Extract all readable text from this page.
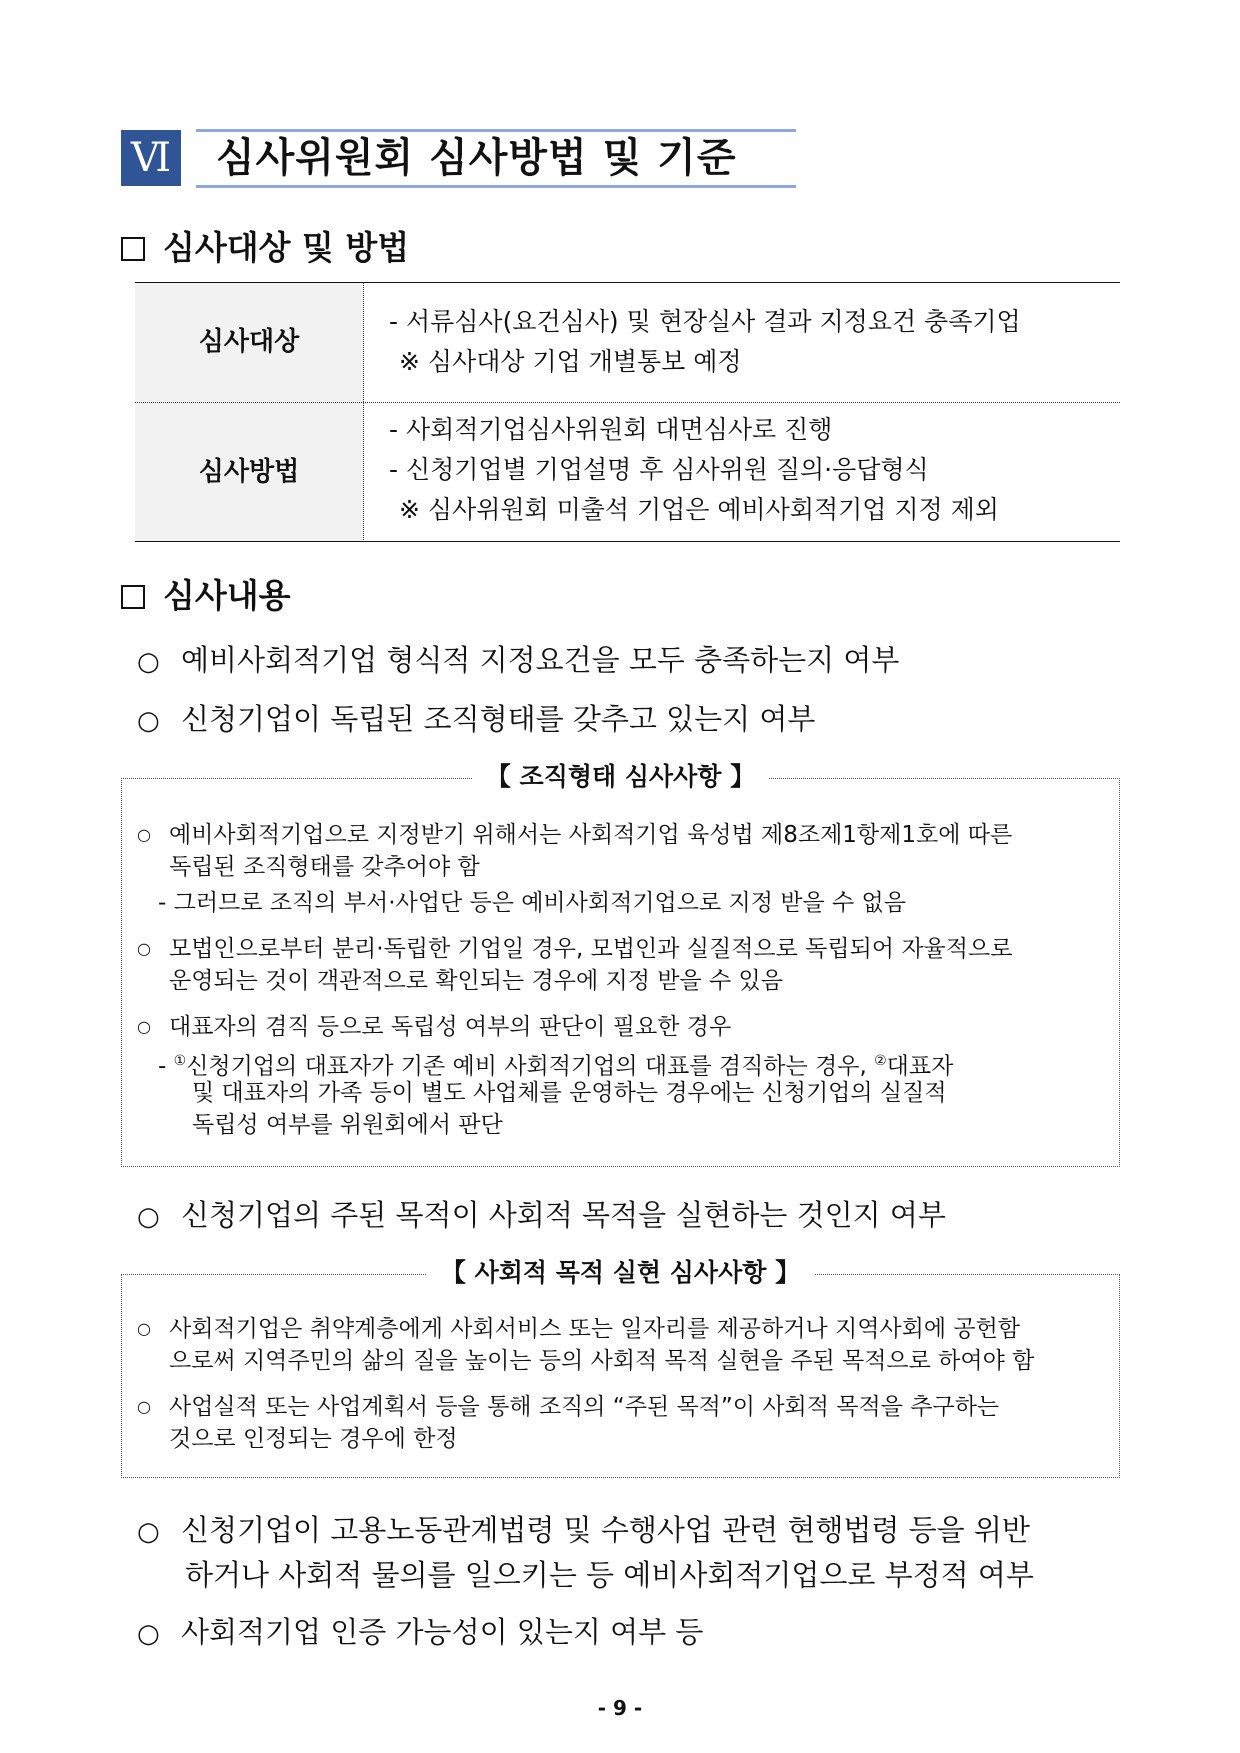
Ⅵ 심사위원회 심사방법 및 기준
심사대상 및 방법
심사대상
심사방법
- 서류심사(요건심사) 및 현장실사 결과 지정요건 충족기업
※ 심사대상 기업 개별통보 예정
- 사회적기업심사위원회 대면심사로 진행
- 신청기업별 기업설명 후 심사위원 질의·응답형식
※ 심사위원회 미출석 기업은 예비사회적기업 지정 제외
심사내용
○ 예비사회적기업 형식적 지정요건을 모두 충족하는지 여부
○ 신청기업이 독립된 조직형태를 갖추고 있는지 여부
【 조직형태 심사사항 】
○ 예비사회적기업으로 지정받기 위해서는 사회적기업 육성법 제8조제1항제1호에 따른
독립된 조직형태를 갖추어야 함
- 그러므로 조직의 부서·사업단 등은 예비사회적기업으로 지정 받을 수 없음
○ 모법인으로부터 분리·독립한 기업일 경우, 모법인과 실질적으로 독립되어 자율적으로
운영되는 것이 객관적으로 확인되는 경우에 지정 받을 수 있음
○ 대표자의 겸직 등으로 독립성 여부의 판단이 필요한 경우
- ①신청기업의 대표자가 기존 예비 사회적기업의 대표를 겸직하는 경우, ②대표자
및 대표자의 가족 등이 별도 사업체를 운영하는 경우에는 신청기업의 실질적
독립성 여부를 위원회에서 판단
○ 신청기업의 주된 목적이 사회적 목적을 실현하는 것인지 여부
【 사회적 목적 실현 심사사항 】
○ 사회적기업은 취약계층에게 사회서비스 또는 일자리를 제공하거나 지역사회에 공헌함
으로써 지역주민의 삶의 질을 높이는 등의 사회적 목적 실현을 주된 목적으로 하여야 함
○ 사업실적 또는 사업계획서 등을 통해 조직의 “주된 목적”이 사회적 목적을 추구하는
것으로 인정되는 경우에 한정
○ 신청기업이 고용노동관계법령 및 수행사업 관련 현행법령 등을 위반
하거나 사회적 물의를 일으키는 등 예비사회적기업으로 부정적 여부
○ 사회적기업 인증 가능성이 있는지 여부 등
- 9 -
